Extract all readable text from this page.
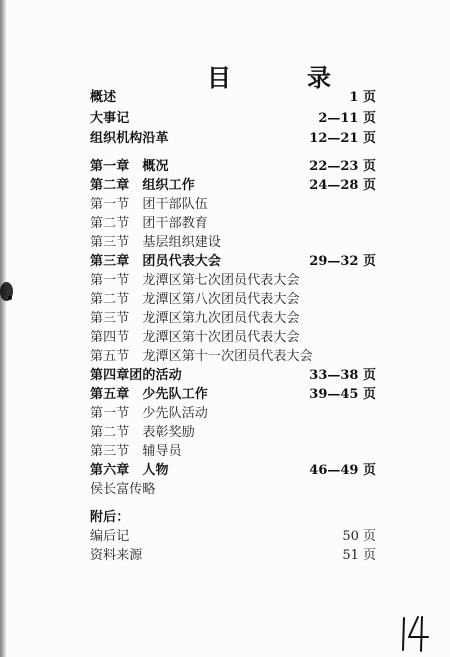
目　录
概述	1 页
大事记	2—11 页
组织机构沿革	12—21 页
第一章　概况	22—23 页
第二章　组织工作	24—28 页
第一节　团干部队伍
第二节　团干部教育
第三节　基层组织建设
第三章　团员代表大会	29—32 页
第一节　龙潭区第七次团员代表大会
第二节　龙潭区第八次团员代表大会
第三节　龙潭区第九次团员代表大会
第四节　龙潭区第十次团员代表大会
第五节　龙潭区第十一次团员代表大会
第四章团的活动	33—38 页
第五章　少先队工作	39—45 页
第一节　少先队活动
第二节　表彰奖励
第三节　辅导员
第六章　人物	46—49 页
侯长富传略
附后：
编后记	50 页
资料来源	51 页
